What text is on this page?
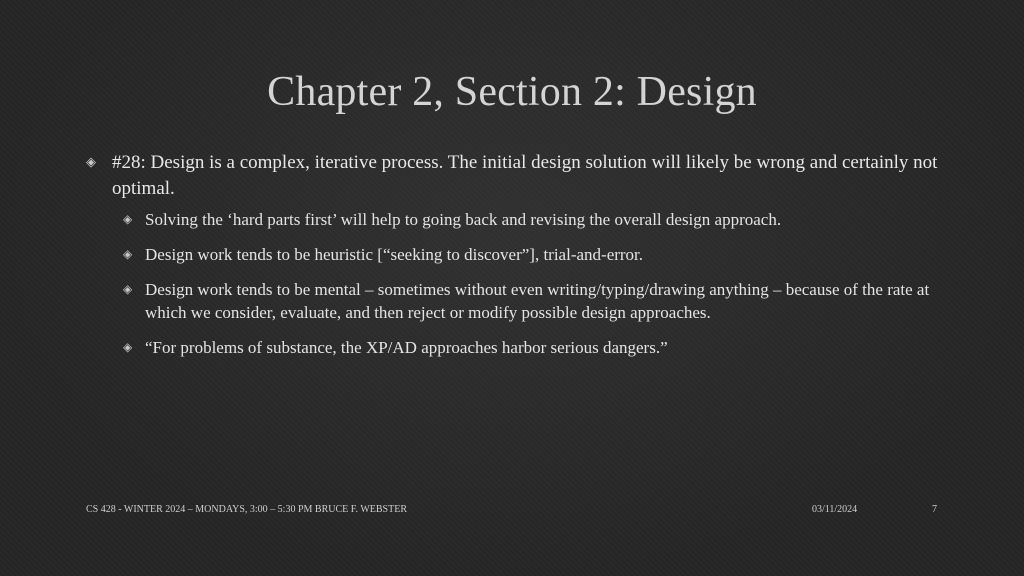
Chapter 2, Section 2: Design
◈ #28: Design is a complex, iterative process. The initial design solution will likely be wrong and certainly not optimal.
◈ Solving the ‘hard parts first’ will help to going back and revising the overall design approach.
◈ Design work tends to be heuristic [“seeking to discover”], trial-and-error.
◈ Design work tends to be mental – sometimes without even writing/typing/drawing anything – because of the rate at which we consider, evaluate, and then reject or modify possible design approaches.
◈ “For problems of substance, the XP/AD approaches harbor serious dangers.”
CS 428 - WINTER 2024 – MONDAYS, 3:00 – 5:30 PM BRUCE F. WEBSTER	03/11/2024	7
